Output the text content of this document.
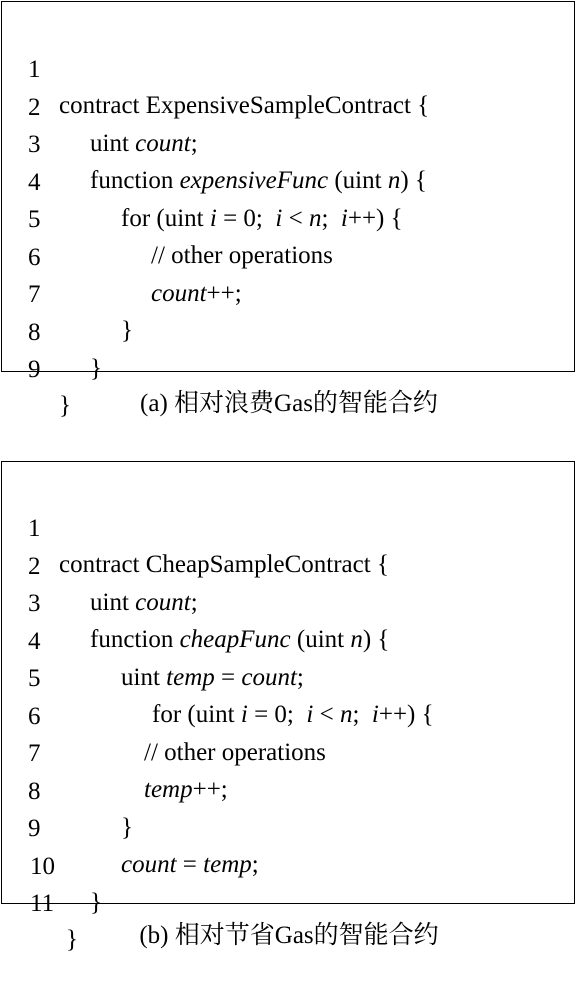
1

contract ExpensiveSampleContract {

2

uint count;

3

function expensiveFunc (uint n) {

4

for (uint i = 0;  i < n;  i++) {

5

// other operations

6

count++;

7

}

8

}

9

}

	(a) 相对浪费Gas的智能合约

1

contract CheapSampleContract {

2

uint count;

3

function cheapFunc (uint n) {

4

uint temp = count;

5

for (uint i = 0;  i < n;  i++) {

6

// other operations

7

temp++;

8

}

9

count = temp;

10

}

11

}

	(b) 相对节省Gas的智能合约
